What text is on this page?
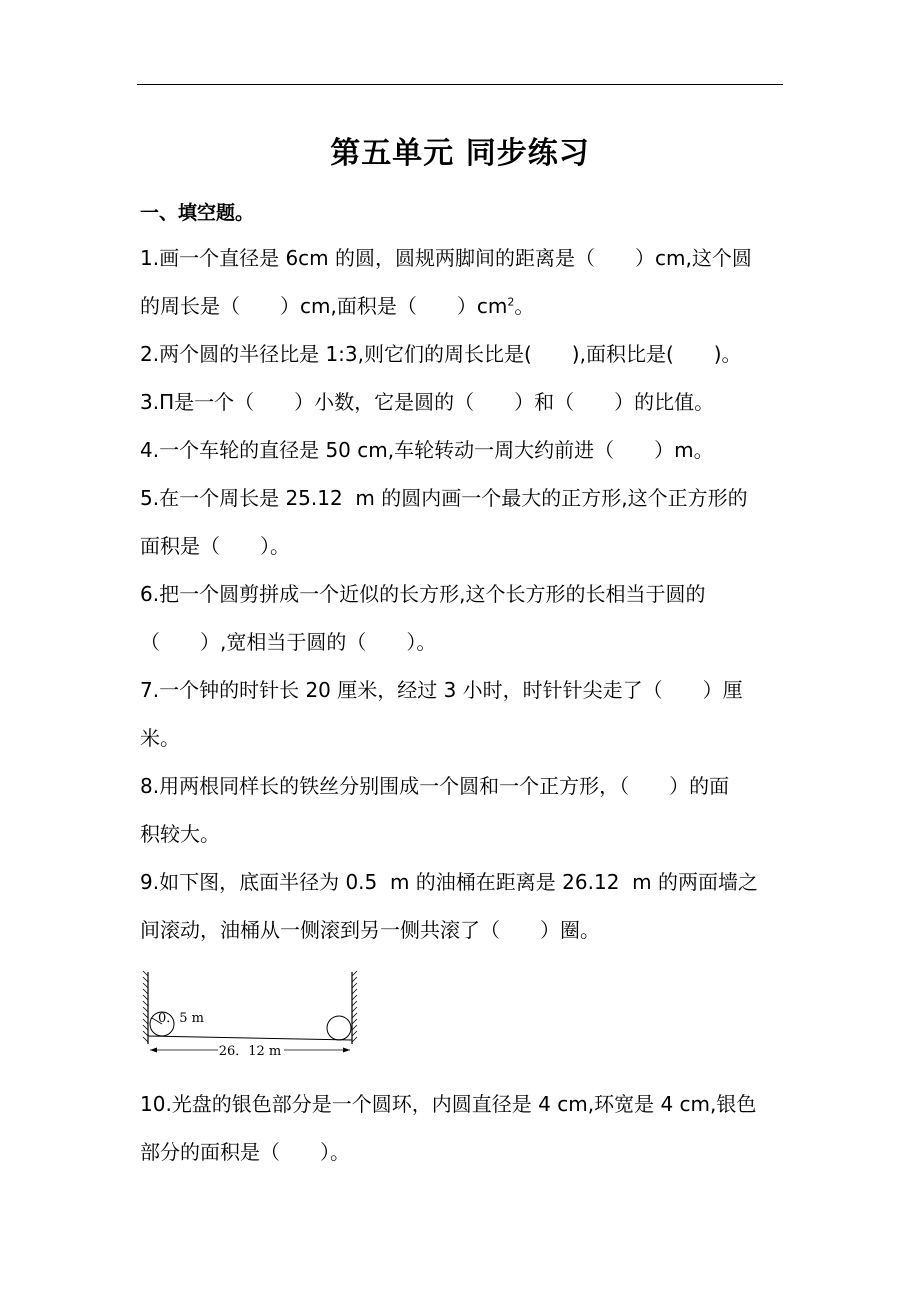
第五单元 同步练习
一、填空题。
1.画一个直径是 6cm 的圆，圆规两脚间的距离是（　　）cm,这个圆
的周长是（　　）cm,面积是（　　）$cm^2$。
2.两个圆的半径比是 1:3,则它们的周长比是(　　),面积比是(　　)。
3.Π是一个（　　）小数，它是圆的（　　）和（　　）的比值。
4.一个车轮的直径是 50 cm,车轮转动一周大约前进（　　）m。
5.在一个周长是 25.12  m 的圆内画一个最大的正方形,这个正方形的
面积是（　　）。
6.把一个圆剪拼成一个近似的长方形,这个长方形的长相当于圆的
（　　）,宽相当于圆的（　　）。
7.一个钟的时针长 20 厘米，经过 3 小时，时针针尖走了（　　）厘
米。
8.用两根同样长的铁丝分别围成一个圆和一个正方形，（　　）的面
积较大。
9.如下图，底面半径为 0.5  m 的油桶在距离是 26.12  m 的两面墙之
间滚动，油桶从一侧滚到另一侧共滚了（　　）圈。
0．5 m
26．12 m
10.光盘的银色部分是一个圆环，内圆直径是 4 cm,环宽是 4 cm,银色
部分的面积是（　　）。
